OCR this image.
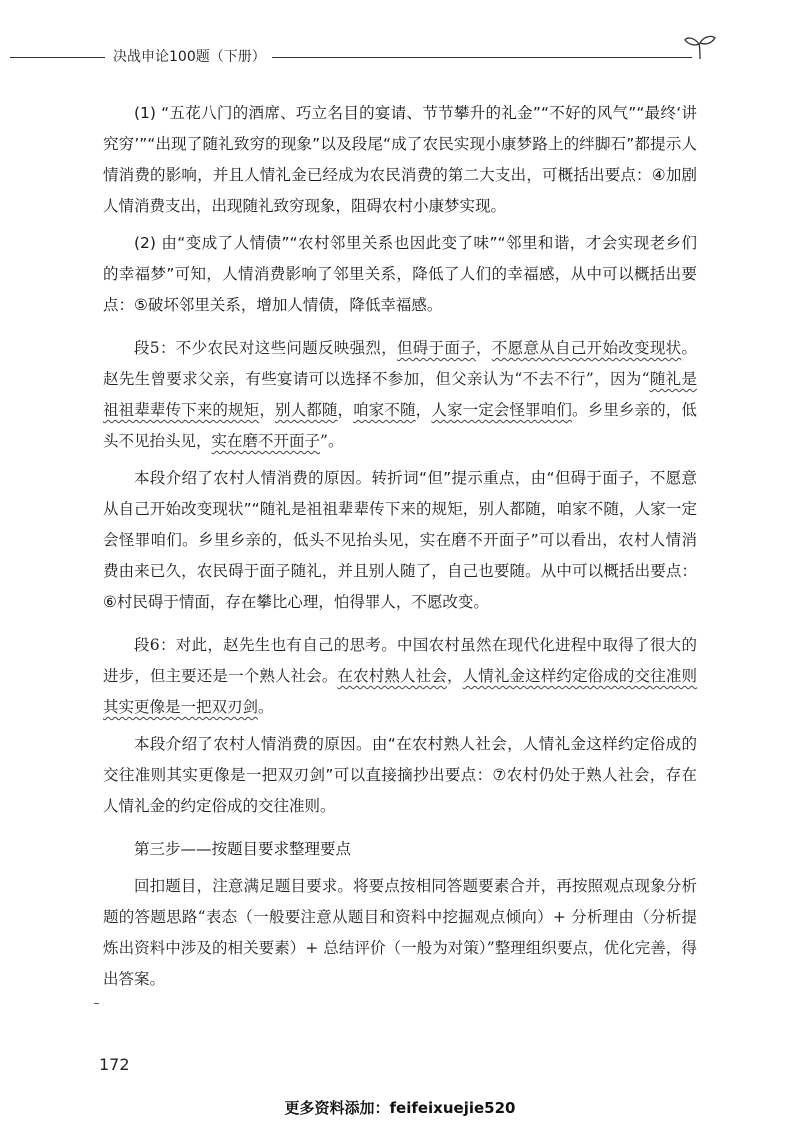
决战申论100题（下册）

(1) “五花八门的酒席、巧立名目的宴请、节节攀升的礼金”“不好的风气”“最终‘讲究穷’”“出现了随礼致穷的现象”以及段尾“成了农民实现小康梦路上的绊脚石”都提示人情消费的影响，并且人情礼金已经成为农民消费的第二大支出，可概括出要点：④加剧人情消费支出，出现随礼致穷现象，阻碍农村小康梦实现。

(2) 由“变成了人情债”“农村邻里关系也因此变了味”“邻里和谐，才会实现老乡们的幸福梦”可知，人情消费影响了邻里关系，降低了人们的幸福感，从中可以概括出要点：⑤破坏邻里关系，增加人情债，降低幸福感。

段5：不少农民对这些问题反映强烈，但碍于面子，不愿意从自己开始改变现状。赵先生曾要求父亲，有些宴请可以选择不参加，但父亲认为“不去不行”，因为“随礼是祖祖辈辈传下来的规矩，别人都随，咱家不随，人家一定会怪罪咱们。乡里乡亲的，低头不见抬头见，实在磨不开面子”。

本段介绍了农村人情消费的原因。转折词“但”提示重点，由“但碍于面子，不愿意从自己开始改变现状”“随礼是祖祖辈辈传下来的规矩，别人都随，咱家不随，人家一定会怪罪咱们。乡里乡亲的，低头不见抬头见，实在磨不开面子”可以看出，农村人情消费由来已久，农民碍于面子随礼，并且别人随了，自己也要随。从中可以概括出要点：⑥村民碍于情面，存在攀比心理，怕得罪人，不愿改变。

段6：对此，赵先生也有自己的思考。中国农村虽然在现代化进程中取得了很大的进步，但主要还是一个熟人社会。在农村熟人社会，人情礼金这样约定俗成的交往准则其实更像是一把双刃剑。

本段介绍了农村人情消费的原因。由“在农村熟人社会，人情礼金这样约定俗成的交往准则其实更像是一把双刃剑”可以直接摘抄出要点：⑦农村仍处于熟人社会，存在人情礼金的约定俗成的交往准则。

第三步——按题目要求整理要点

回扣题目，注意满足题目要求。将要点按相同答题要素合并，再按照观点现象分析题的答题思路“表态（一般要注意从题目和资料中挖掘观点倾向）+ 分析理由（分析提炼出资料中涉及的相关要素）+ 总结评价（一般为对策）”整理组织要点，优化完善，得出答案。

172
更多资料添加：feifeixuejie520
